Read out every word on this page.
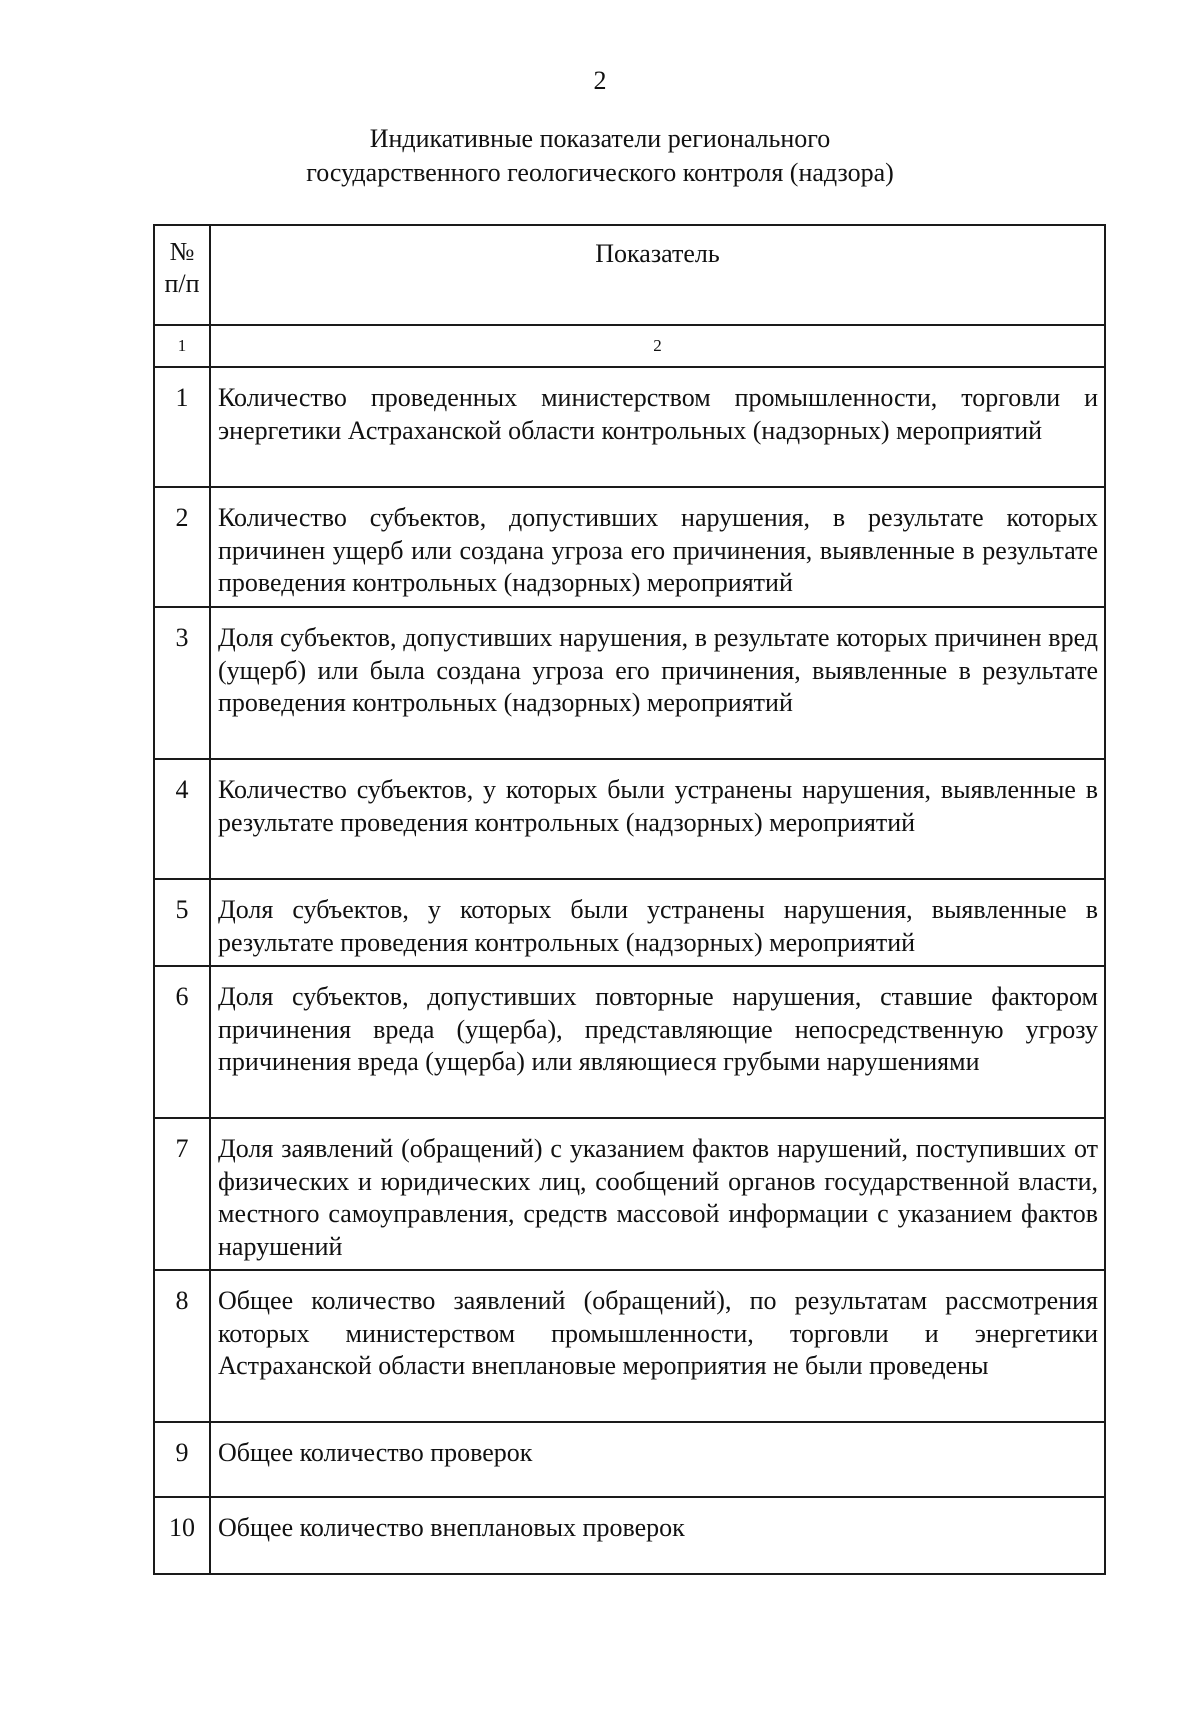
2
Индикативные показатели регионального
государственного геологического контроля (надзора)
№
п/п	Показатель
1	2
1	Количество проведенных министерством промышленности, торговли и энергетики Астраханской области контрольных (надзорных) мероприятий
2	Количество субъектов, допустивших нарушения, в результате которых причинен ущерб или создана угроза его причинения, выявленные в результате проведения контрольных (надзорных) мероприятий
3	Доля субъектов, допустивших нарушения, в результате которых причинен вред (ущерб) или была создана угроза его причинения, выявленные в результате проведения контрольных (надзорных) мероприятий
4	Количество субъектов, у которых были устранены нарушения, выявленные в результате проведения контрольных (надзорных) мероприятий
5	Доля субъектов, у которых были устранены нарушения, выявленные в результате проведения контрольных (надзорных) мероприятий
6	Доля субъектов, допустивших повторные нарушения, ставшие фактором причинения вреда (ущерба), представляющие непосредственную угрозу причинения вреда (ущерба) или являющиеся грубыми нарушениями
7	Доля заявлений (обращений) с указанием фактов нарушений, поступивших от физических и юридических лиц, сообщений органов государственной власти, местного самоуправления, средств массовой информации с указанием фактов нарушений
8	Общее количество заявлений (обращений), по результатам рассмотрения которых министерством промышленности, торговли и энергетики Астраханской области внеплановые мероприятия не были проведены
9	Общее количество проверок
10	Общее количество внеплановых проверок
